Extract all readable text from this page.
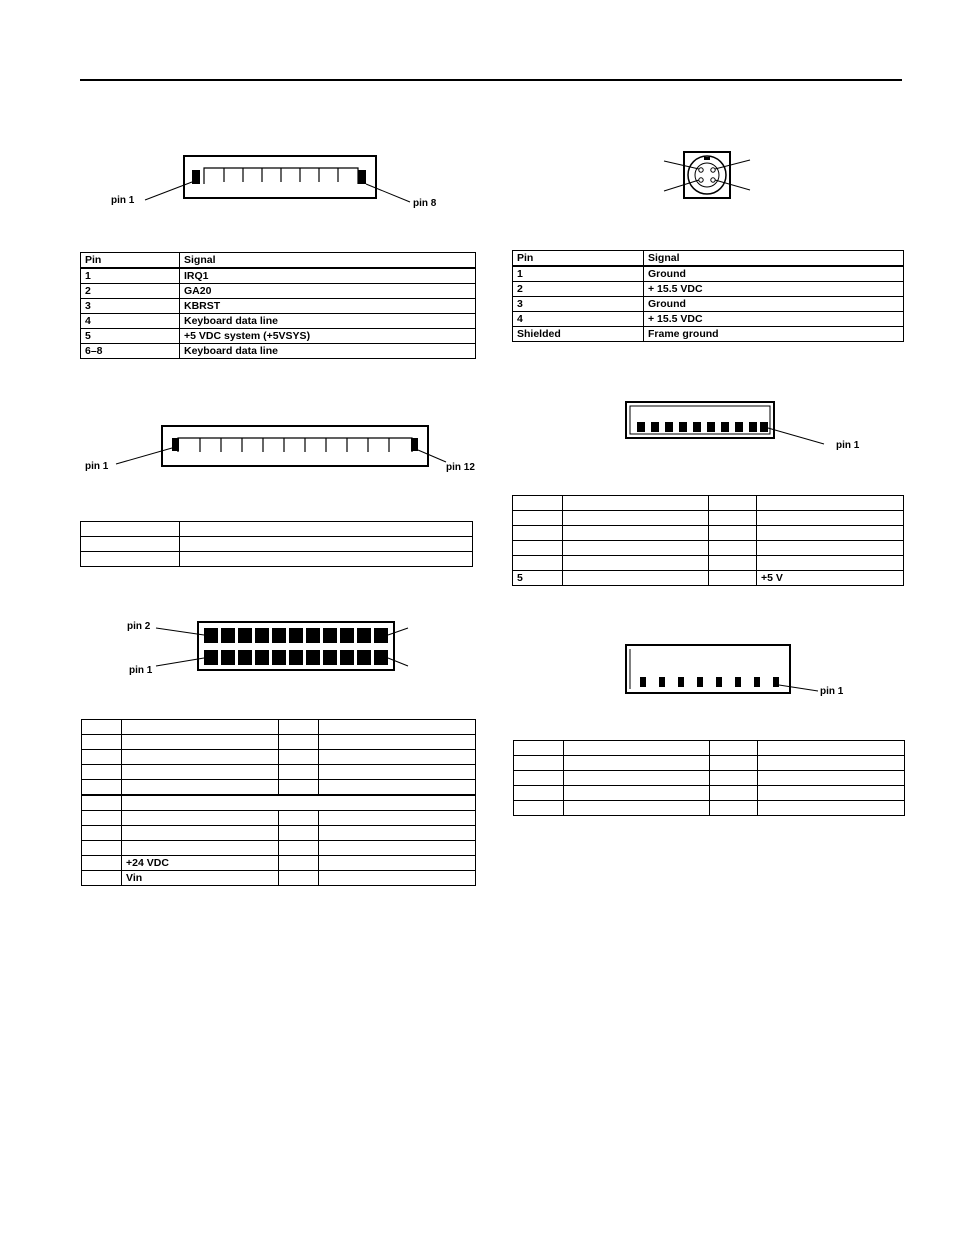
pin 1	pin 8
Pin	Signal
1	IRQ1
2	GA20
3	KBRST
4	Keyboard data line
5	+5 VDC system (+5VSYS)
6–8	Keyboard data line
Pin	Signal
1	Ground
2	+ 15.5 VDC
3	Ground
4	+ 15.5 VDC
Shielded	Frame ground
pin 1	pin 12

pin 1

5			+5 V
pin 2
pin 1

	+24 VDC		
	Vin		
pin 1
